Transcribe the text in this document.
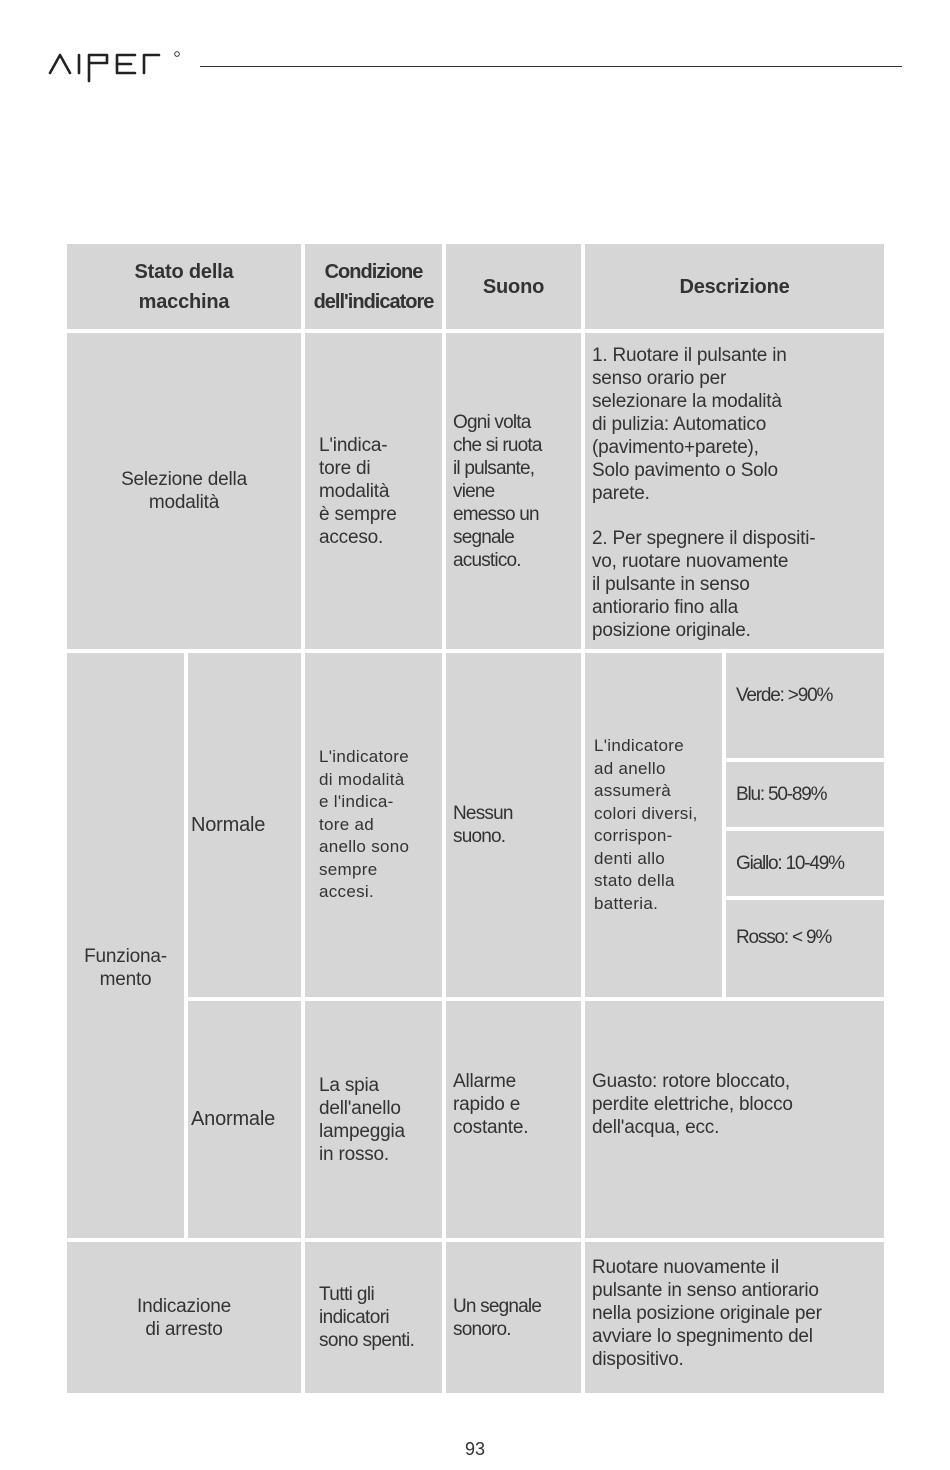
Stato della
macchina
Condizione
dell'indicatore
Suono	Descrizione
Selezione della
modalità
L'indica-
tore di
modalità
è sempre
acceso.
Ogni volta
che si ruota
il pulsante,
viene
emesso un
segnale
acustico.
1. Ruotare il pulsante in
senso orario per
selezionare la modalità
di pulizia: Automatico
(pavimento+parete),
Solo pavimento o Solo
parete.
2. Per spegnere il dispositi-
vo, ruotare nuovamente
il pulsante in senso
antiorario fino alla
posizione originale.
Funziona-
mento
Normale
L'indicatore
di modalità
e l'indica-
tore ad
anello sono
sempre
accesi.
Nessun
suono.
L'indicatore
ad anello
assumerà
colori diversi,
corrispon-
denti allo
stato della
batteria.
Verde: >90%
Blu: 50-89%
Giallo: 10-49%
Rosso: < 9%
Anormale
La spia
dell'anello
lampeggia
in rosso.
Allarme
rapido e
costante.
Guasto: rotore bloccato,
perdite elettriche, blocco
dell'acqua, ecc.
Indicazione
di arresto
Tutti gli
indicatori
sono spenti.
Un segnale
sonoro.
Ruotare nuovamente il
pulsante in senso antiorario
nella posizione originale per
avviare lo spegnimento del
dispositivo.
93
